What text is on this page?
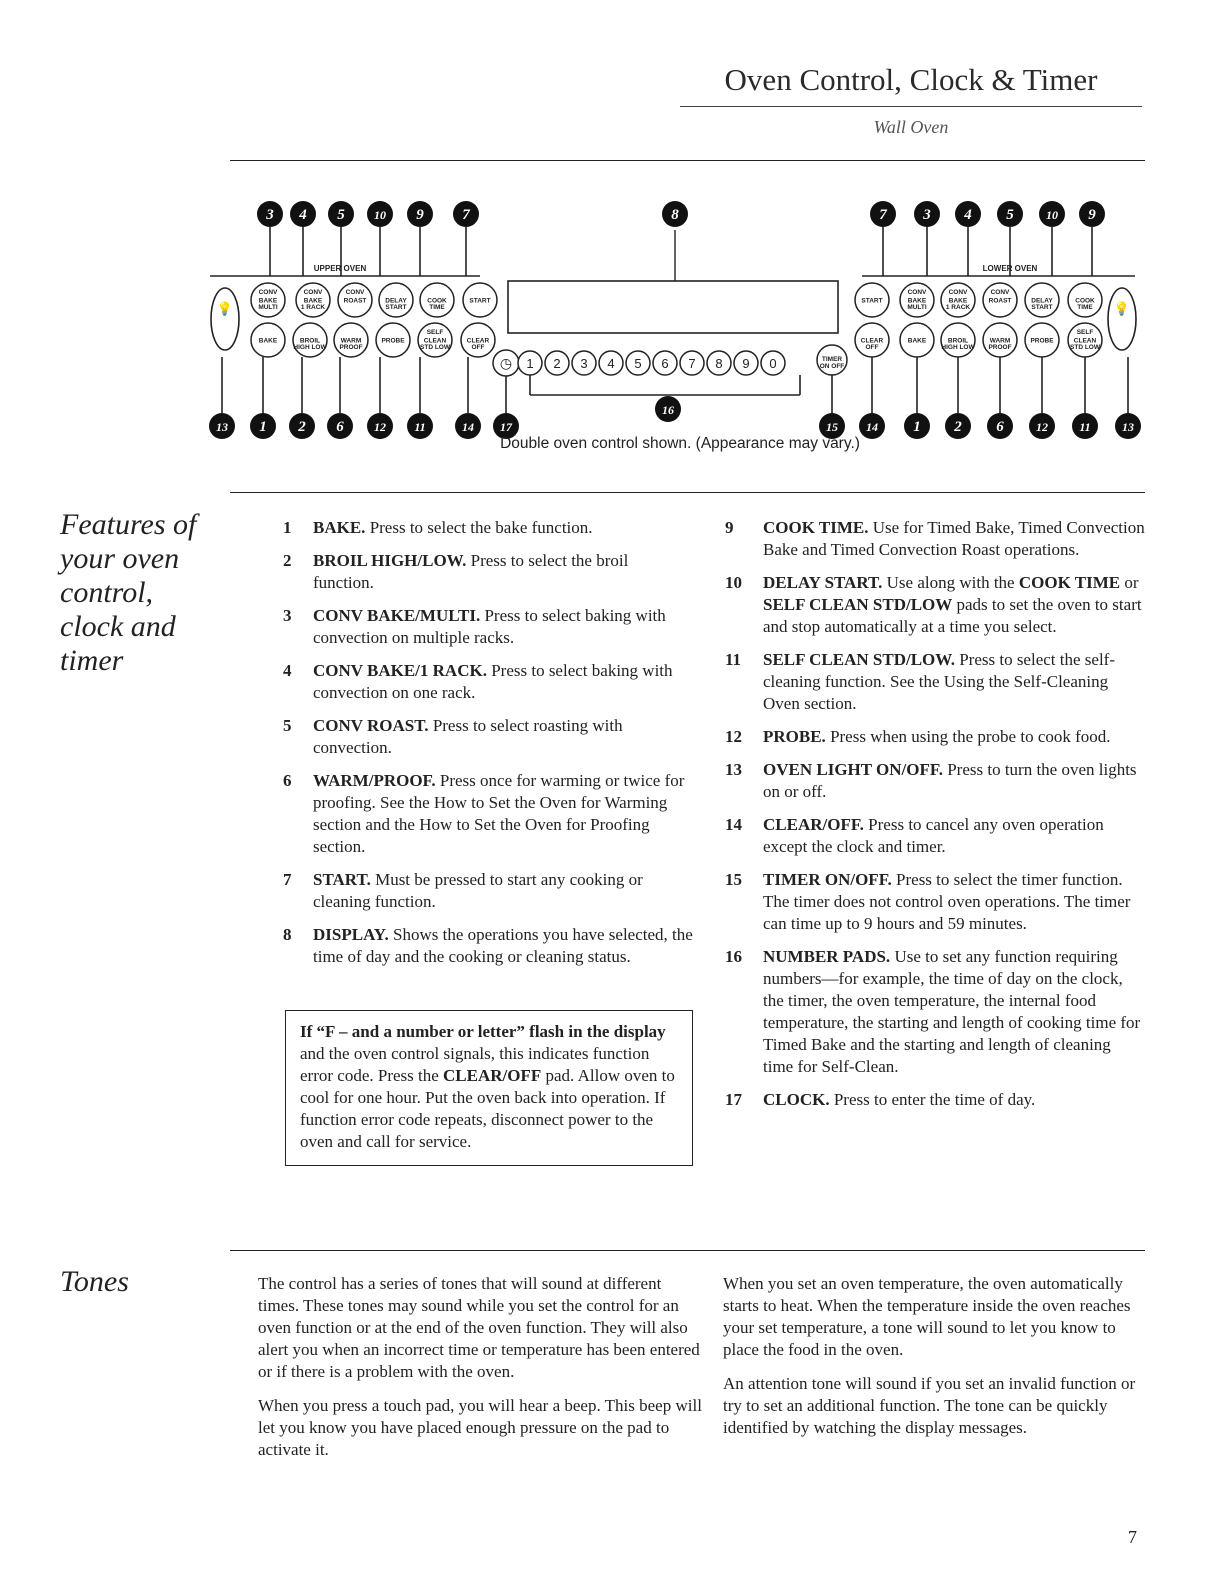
Oven Control, Clock & Timer
Wall Oven
UPPER OVEN	LOWER OVEN
💡	💡
CONV
BAKE
MULTI
CONV
BAKE
1 RACK
CONV
ROAST	DELAY
START
COOK
TIME
START
BAKE	BROIL
HIGH LOW
WARM
PROOF
PROBE
SELF
CLEAN
STD LOW
CLEAR
OFF
START
CONV
BAKE
MULTI
CONV
BAKE
1 RACK
CONV
ROAST	DELAY
START
COOK
TIME
CLEAR
OFF
BAKE	BROIL
HIGH LOW
WARM
PROOF
PROBE
SELF
CLEAN
STD LOW
◷ 1 2 3 4 5 6 7 8 9 0	TIMER
ON OFF
3 4 5 10 9	7	8	7 3 4 5	10 9
13 1 2 6	12 11	14 17
16
15 14 1 2 6	12	11	13
Double oven control shown. (Appearance may vary.)
Features of your oven control, clock and timer
1	BAKE. Press to select the bake function.
2	BROIL HIGH/LOW. Press to select the broil function.
3	CONV BAKE/MULTI. Press to select baking with convection on multiple racks.
4	CONV BAKE/1 RACK. Press to select baking with convection on one rack.
5	CONV ROAST. Press to select roasting with convection.
6	WARM/PROOF. Press once for warming or twice for proofing. See the How to Set the Oven for Warming section and the How to Set the Oven for Proofing section.
7	START. Must be pressed to start any cooking or cleaning function.
8	DISPLAY. Shows the operations you have selected, the time of day and the cooking or cleaning status.
If “F – and a number or letter” flash in the display and the oven control signals, this indicates function error code. Press the CLEAR/OFF pad. Allow oven to cool for one hour. Put the oven back into operation. If function error code repeats, disconnect power to the oven and call for service.
9	COOK TIME. Use for Timed Bake, Timed Convection Bake and Timed Convection Roast operations.
10	DELAY START. Use along with the COOK TIME or SELF CLEAN STD/LOW pads to set the oven to start and stop automatically at a time you select.
11	SELF CLEAN STD/LOW. Press to select the self-cleaning function. See the Using the Self-Cleaning Oven section.
12	PROBE. Press when using the probe to cook food.
13	OVEN LIGHT ON/OFF. Press to turn the oven lights on or off.
14	CLEAR/OFF. Press to cancel any oven operation except the clock and timer.
15	TIMER ON/OFF. Press to select the timer function. The timer does not control oven operations. The timer can time up to 9 hours and 59 minutes.
16	NUMBER PADS. Use to set any function requiring numbers—for example, the time of day on the clock, the timer, the oven temperature, the internal food temperature, the starting and length of cooking time for Timed Bake and the starting and length of cleaning time for Self-Clean.
17	CLOCK. Press to enter the time of day.
Tones	The control has a series of tones that will sound at different times. These tones may sound while you set the control for an oven function or at the end of the oven function. They will also alert you when an incorrect time or temperature has been entered or if there is a problem with the oven.

When you press a touch pad, you will hear a beep. This beep will let you know you have placed enough pressure on the pad to activate it.

When you set an oven temperature, the oven automatically starts to heat. When the temperature inside the oven reaches your set temperature, a tone will sound to let you know to place the food in the oven.

An attention tone will sound if you set an invalid function or try to set an additional function. The tone can be quickly identified by watching the display messages.

7
